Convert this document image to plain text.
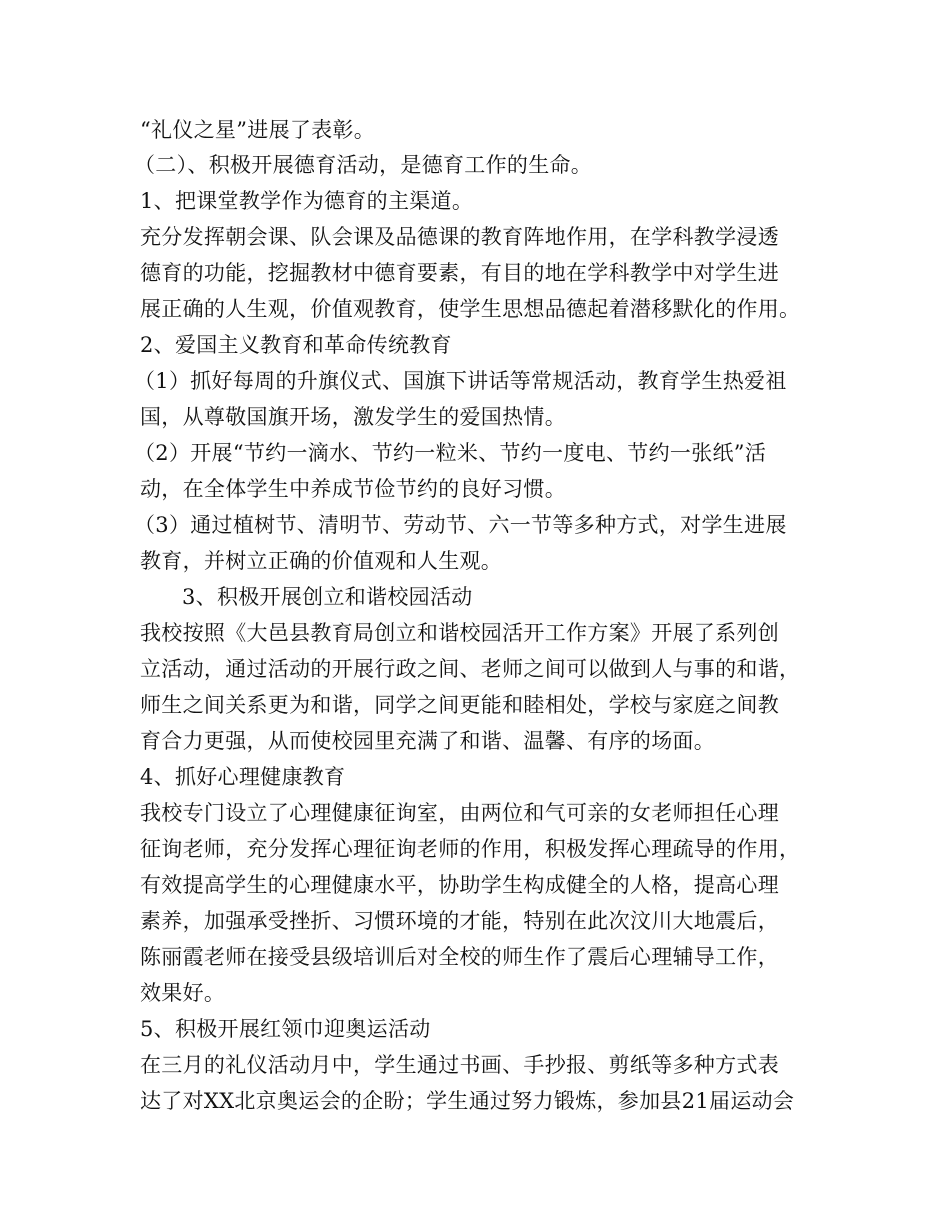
“礼仪之星”进展了表彰。
（二）、积极开展德育活动，是德育工作的生命。
1、把课堂教学作为德育的主渠道。
充分发挥朝会课、队会课及品德课的教育阵地作用，在学科教学浸透
德育的功能，挖掘教材中德育要素，有目的地在学科教学中对学生进
展正确的人生观，价值观教育，使学生思想品德起着潜移默化的作用。
2、爱国主义教育和革命传统教育
（1）抓好每周的升旗仪式、国旗下讲话等常规活动，教育学生热爱祖
国，从尊敬国旗开场，激发学生的爱国热情。
（2）开展“节约一滴水、节约一粒米、节约一度电、节约一张纸”活
动，在全体学生中养成节俭节约的良好习惯。
（3）通过植树节、清明节、劳动节、六一节等多种方式，对学生进展
教育，并树立正确的价值观和人生观。
3、积极开展创立和谐校园活动
我校按照《大邑县教育局创立和谐校园活开工作方案》开展了系列创
立活动，通过活动的开展行政之间、老师之间可以做到人与事的和谐，
师生之间关系更为和谐，同学之间更能和睦相处，学校与家庭之间教
育合力更强，从而使校园里充满了和谐、温馨、有序的场面。
4、抓好心理健康教育
我校专门设立了心理健康征询室，由两位和气可亲的女老师担任心理
征询老师，充分发挥心理征询老师的作用，积极发挥心理疏导的作用，
有效提高学生的心理健康水平，协助学生构成健全的人格，提高心理
素养，加强承受挫折、习惯环境的才能，特别在此次汶川大地震后，
陈丽霞老师在接受县级培训后对全校的师生作了震后心理辅导工作，
效果好。
5、积极开展红领巾迎奥运活动
在三月的礼仪活动月中，学生通过书画、手抄报、剪纸等多种方式表
达了对XX北京奥运会的企盼；学生通过努力锻炼，参加县21届运动会
